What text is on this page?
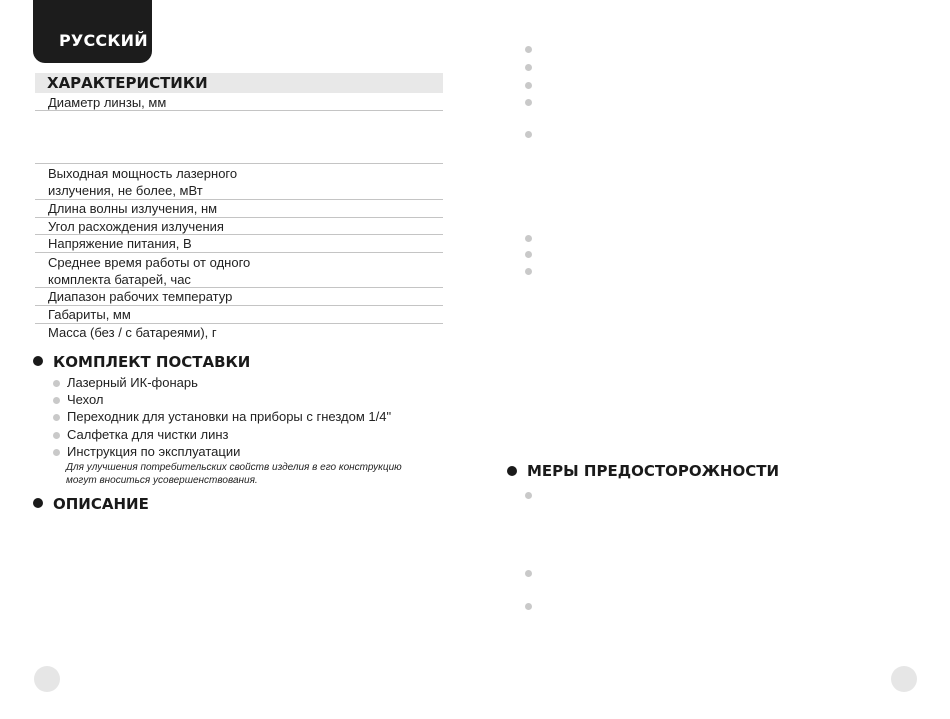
РУССКИЙ
ХАРАКТЕРИСТИКИ
Диаметр линзы, мм
Выходная мощность лазерного
излучения, не более, мВт
Длина волны излучения, нм
Угол расхождения излучения
Напряжение питания, В
Среднее время работы от одного
комплекта батарей, час
Диапазон рабочих температур
Габариты, мм
Масса (без / с батареями), г
КОМПЛЕКТ ПОСТАВКИ
Лазерный ИК-фонарь
Чехол
Переходник для установки на приборы с гнездом 1/4"
Салфетка для чистки линз
Инструкция по эксплуатации
Для улучшения потребительских свойств изделия в его конструкцию
могут вноситься усовершенствования.
ОПИСАНИЕ
МЕРЫ ПРЕДОСТОРОЖНОСТИ
